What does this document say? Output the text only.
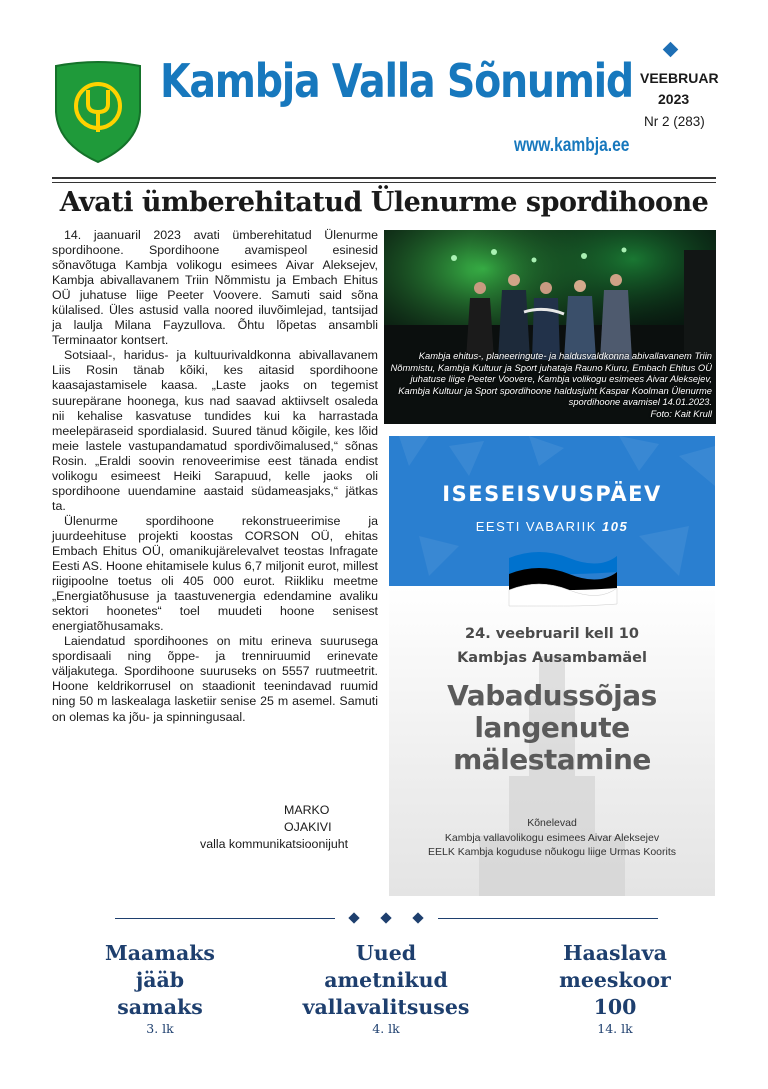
Kambja Valla Sõnumid
www.kambja.ee
VEEBRUAR
2023
Nr 2 (283)
Avati ümberehitatud Ülenurme spordihoone

14. jaanuaril 2023 avati ümberehitatud Ülenurme spordihoone. Spordihoone avamispeol esinesid sõnavõtuga Kambja volikogu esimees Aivar Aleksejev, Kambja abivallavanem Triin Nõmmistu ja Embach Ehitus OÜ juhatuse liige Peeter Voovere. Samuti said sõna külalised. Üles astusid valla noored iluvõimlejad, tantsijad ja laulja Milana Fayzullova. Õhtu lõpetas ansambli Terminaator kontsert.

Sotsiaal-, haridus- ja kultuurivaldkonna abivallavanem Liis Rosin tänab kõiki, kes aitasid spordihoone kaasajastamisele kaasa. „Laste jaoks on tegemist suurepärane hoonega, kus nad saavad aktiivselt osaleda nii kehalise kasvatuse tundides kui ka harrastada meelepäraseid spordialasid. Suured tänud kõigile, kes lõid meie lastele vastupandamatud spordivõimalused,“ sõnas Rosin. „Eraldi soovin renoveerimise eest tänada endist volikogu esimeest Heiki Sarapuud, kelle jaoks oli spordihoone uuendamine aastaid südameasjaks,“ jätkas ta.

Ülenurme spordihoone rekonstrueerimise ja juurdeehituse projekti koostas CORSON OÜ, ehitas Embach Ehitus OÜ, omanikujärelevalvet teostas Infragate Eesti AS. Hoone ehitamisele kulus 6,7 miljonit eurot, millest riigipoolne toetus oli 405 000 eurot. Riikliku meetme „Energiatõhususe ja taastuvenergia edendamine avaliku sektori hoonetes“ toel muudeti hoone senisest energiatõhusamaks.

Laiendatud spordihoones on mitu erineva suurusega spordisaali ning õppe- ja trenniruumid erinevate väljakutega. Spordihoone suuruseks on 5557 ruutmeetrit. Hoone keldrikorrusel on staadionit teenindavad ruumid ning 50 m laskealaga lasketiir senise 25 m asemel. Samuti on olemas ka jõu- ja spinningusaal.

MARKO OJAKIVI
valla kommunikatsioonijuht
Kambja ehitus-, planeeringute- ja haldusvaldkonna abivallavanem Triin Nõmmistu, Kambja Kultuur ja Sport juhataja Rauno Kiuru, Embach Ehitus OÜ juhatuse liige Peeter Voovere, Kambja volikogu esimees Aivar Aleksejev, Kambja Kultuur ja Sport spordihoone haldusjuht Kaspar Koolman Ülenurme spordihoone avamisel 14.01.2023.
Foto: Kait Krull
ISESEISVUSPÄEV
EESTI VABARIIK 105
24. veebruaril kell 10
Kambjas Ausambamäel
Vabadussõjas
langenute
mälestamine
Kõnelevad
Kambja vallavolikogu esimees Aivar Aleksejev
EELK Kambja koguduse nõukogu liige Urmas Koorits
Maamaks
jääb
samaks
3. lk
Uued
ametnikud
vallavalitsuses
4. lk
Haaslava
meeskoor
100
14. lk
